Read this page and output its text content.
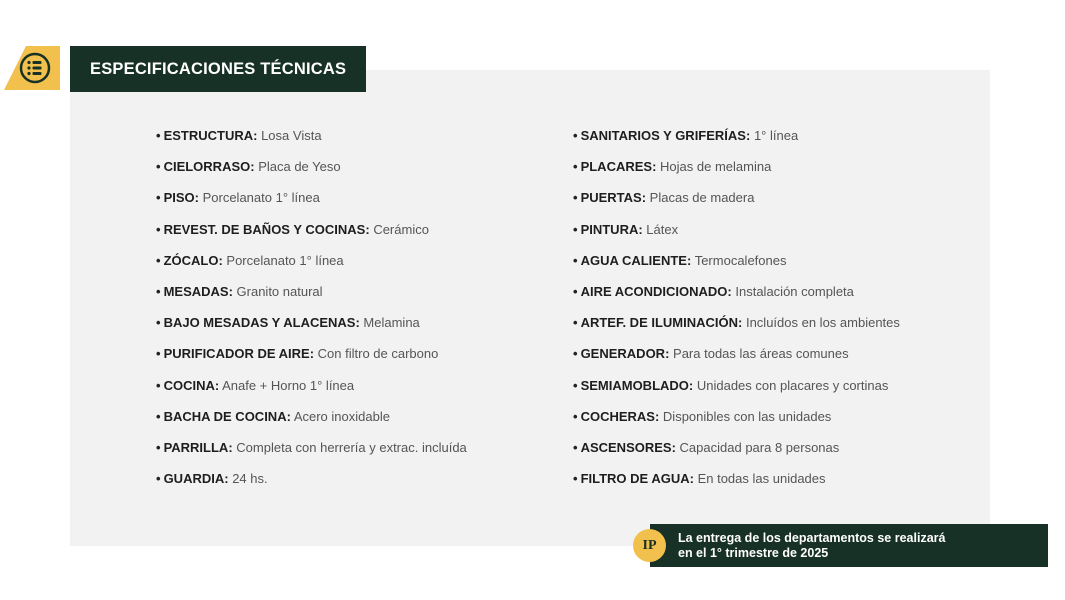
ESPECIFICACIONES TÉCNICAS
• ESTRUCTURA: Losa Vista
• CIELORRASO: Placa de Yeso
• PISO: Porcelanato 1° línea
• REVEST. DE BAÑOS Y COCINAS: Cerámico
• ZÓCALO: Porcelanato 1° línea
• MESADAS: Granito natural
• BAJO MESADAS Y ALACENAS: Melamina
• PURIFICADOR DE AIRE: Con filtro de carbono
• COCINA: Anafe + Horno 1° línea
• BACHA DE COCINA: Acero inoxidable
• PARRILLA: Completa con herrería y extrac. incluída
• GUARDIA: 24 hs.
• SANITARIOS Y GRIFERÍAS: 1° línea
• PLACARES: Hojas de melamina
• PUERTAS: Placas de madera
• PINTURA: Látex
• AGUA CALIENTE: Termocalefones
• AIRE ACONDICIONADO: Instalación completa
• ARTEF. DE ILUMINACIÓN: Incluídos en los ambientes
• GENERADOR: Para todas las áreas comunes
• SEMIAMOBLADO: Unidades con placares y cortinas
• COCHERAS: Disponibles con las unidades
• ASCENSORES: Capacidad para 8 personas
• FILTRO DE AGUA: En todas las unidades
La entrega de los departamentos se realizará
en el 1° trimestre de 2025
IP
